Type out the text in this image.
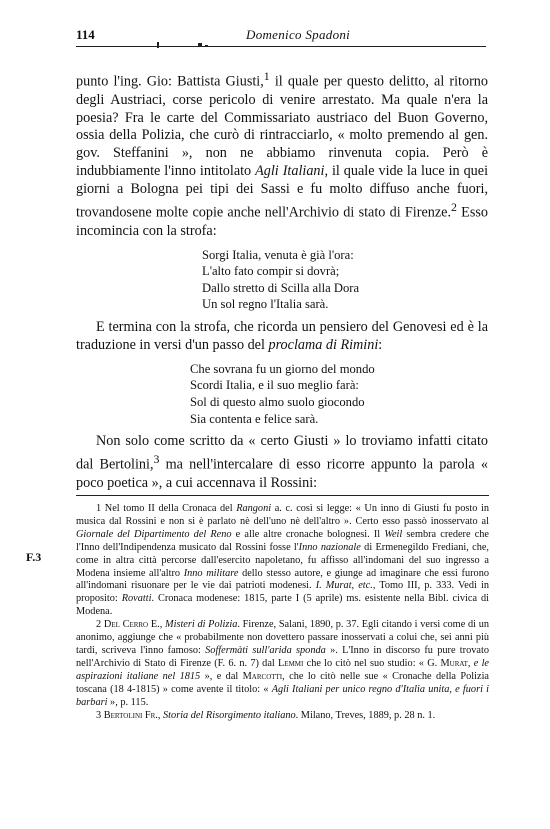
114	Domenico Spadoni

punto l'ing. Gio: Battista Giusti,$^1$ il quale per questo delitto, al ritorno degli Austriaci, corse pericolo di venire arrestato. Ma quale n'era la poesia? Fra le carte del Commissariato austriaco del Buon Governo, ossia della Polizia, che curò di rintracciarlo, « molto premendo al gen. gov. Steffanini », non ne abbiamo rinvenuta copia. Però è indubbiamente l'inno intitolato Agli Italiani, il quale vide la luce in quei giorni a Bologna pei tipi dei Sassi e fu molto diffuso anche fuori, trovandosene molte copie anche nell'Archivio di stato di Firenze.$^2$ Esso incomincia con la strofa:

Sorgi Italia, venuta è già l'ora:
L'alto fato compir si dovrà;
Dallo stretto di Scilla alla Dora
Un sol regno l'Italia sarà.

E termina con la strofa, che ricorda un pensiero del Genovesi ed è la traduzione in versi d'un passo del proclama di Rimini:

Che sovrana fu un giorno del mondo
Scordi Italia, e il suo meglio farà:
Sol di questo almo suolo giocondo
Sia contenta e felice sarà.

Non solo come scritto da « certo Giusti » lo troviamo infatti citato dal Bertolini,$^3$ ma nell'intercalare di esso ricorre appunto la parola « poco poetica », a cui accennava il Rossini:

F.3

1 Nel tomo II della Cronaca del Rangoni a. c. così si legge: « Un inno di Giusti fu posto in musica dal Rossini e non si è parlato nè dell'uno nè dell'altro ». Certo esso passò inosservato al Giornale del Dipartimento del Reno e alle altre cronache bolognesi. Il Weil sembra credere che l'Inno dell'Indipendenza musicato dal Rossini fosse l'Inno nazionale di Ermenegildo Frediani, che, come in altra città percorse dall'esercito napoletano, fu affisso all'indomani del suo ingresso a Modena insieme all'altro Inno militare dello stesso autore, e giunge ad imaginare che essi furono all'indomani risuonare per le vie dai patrioti modenesi. I. Murat, etc., Tomo III, p. 333. Vedi in proposito: Rovatti. Cronaca modenese: 1815, parte I (5 aprile) ms. esistente nella Bibl. civica di Modena.

2 Del Cerro E., Misteri di Polizia. Firenze, Salani, 1890, p. 37. Egli citando i versi come di un anonimo, aggiunge che « probabilmente non dovettero passare inosservati a colui che, sei anni più tardi, scriveva l'inno famoso: Soffermàti sull'arida sponda ». L'Inno in discorso fu pure trovato nell'Archivio di Stato di Firenze (F. 6. n. 7) dal Lemmi che lo citò nel suo studio: « G. Murat, e le aspirazioni italiane nel 1815 », e dal Marcotti, che lo citò nelle sue « Cronache della Polizia toscana (18 4-1815) » come avente il titolo: « Agli Italiani per unico regno d'Italia unita, e fuori i barbari », p. 115.

3 Bertolini Fr., Storia del Risorgimento italiano. Milano, Treves, 1889, p. 28 n. 1.
